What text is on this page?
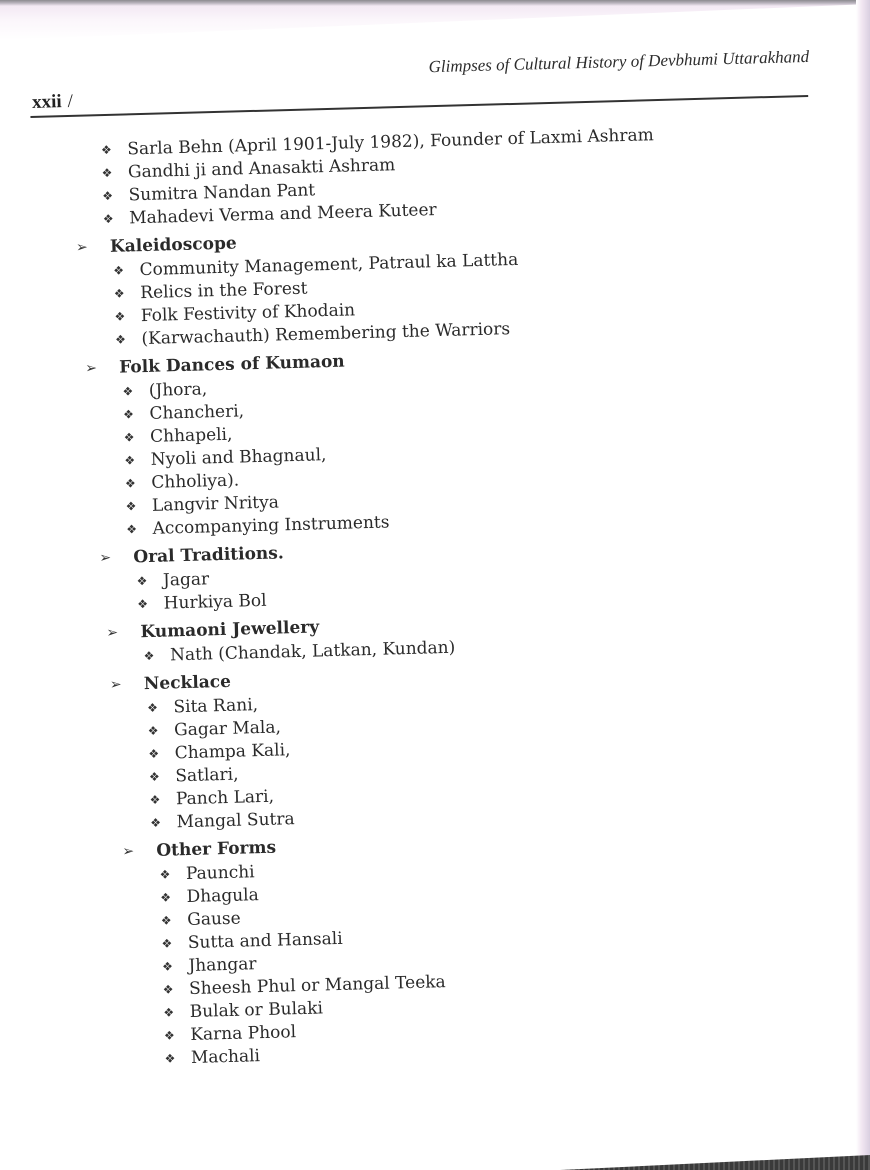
xxii /
Glimpses of Cultural History of Devbhumi Uttarakhand
❖ Sarla Behn (April 1901-July 1982), Founder of Laxmi Ashram
❖ Gandhi ji and Anasakti Ashram
❖ Sumitra Nandan Pant
❖ Mahadevi Verma and Meera Kuteer
➢ Kaleidoscope
❖ Community Management, Patraul ka Lattha
❖ Relics in the Forest
❖ Folk Festivity of Khodain
❖ (Karwachauth) Remembering the Warriors
➢ Folk Dances of Kumaon
❖ (Jhora,
❖ Chancheri,
❖ Chhapeli,
❖ Nyoli and Bhagnaul,
❖ Chholiya).
❖ Langvir Nritya
❖ Accompanying Instruments
➢ Oral Traditions.
❖ Jagar
❖ Hurkiya Bol
➢ Kumaoni Jewellery
❖ Nath (Chandak, Latkan, Kundan)
➢ Necklace
❖ Sita Rani,
❖ Gagar Mala,
❖ Champa Kali,
❖ Satlari,
❖ Panch Lari,
❖ Mangal Sutra
➢ Other Forms
❖ Paunchi
❖ Dhagula
❖ Gause
❖ Sutta and Hansali
❖ Jhangar
❖ Sheesh Phul or Mangal Teeka
❖ Bulak or Bulaki
❖ Karna Phool
❖ Machali
